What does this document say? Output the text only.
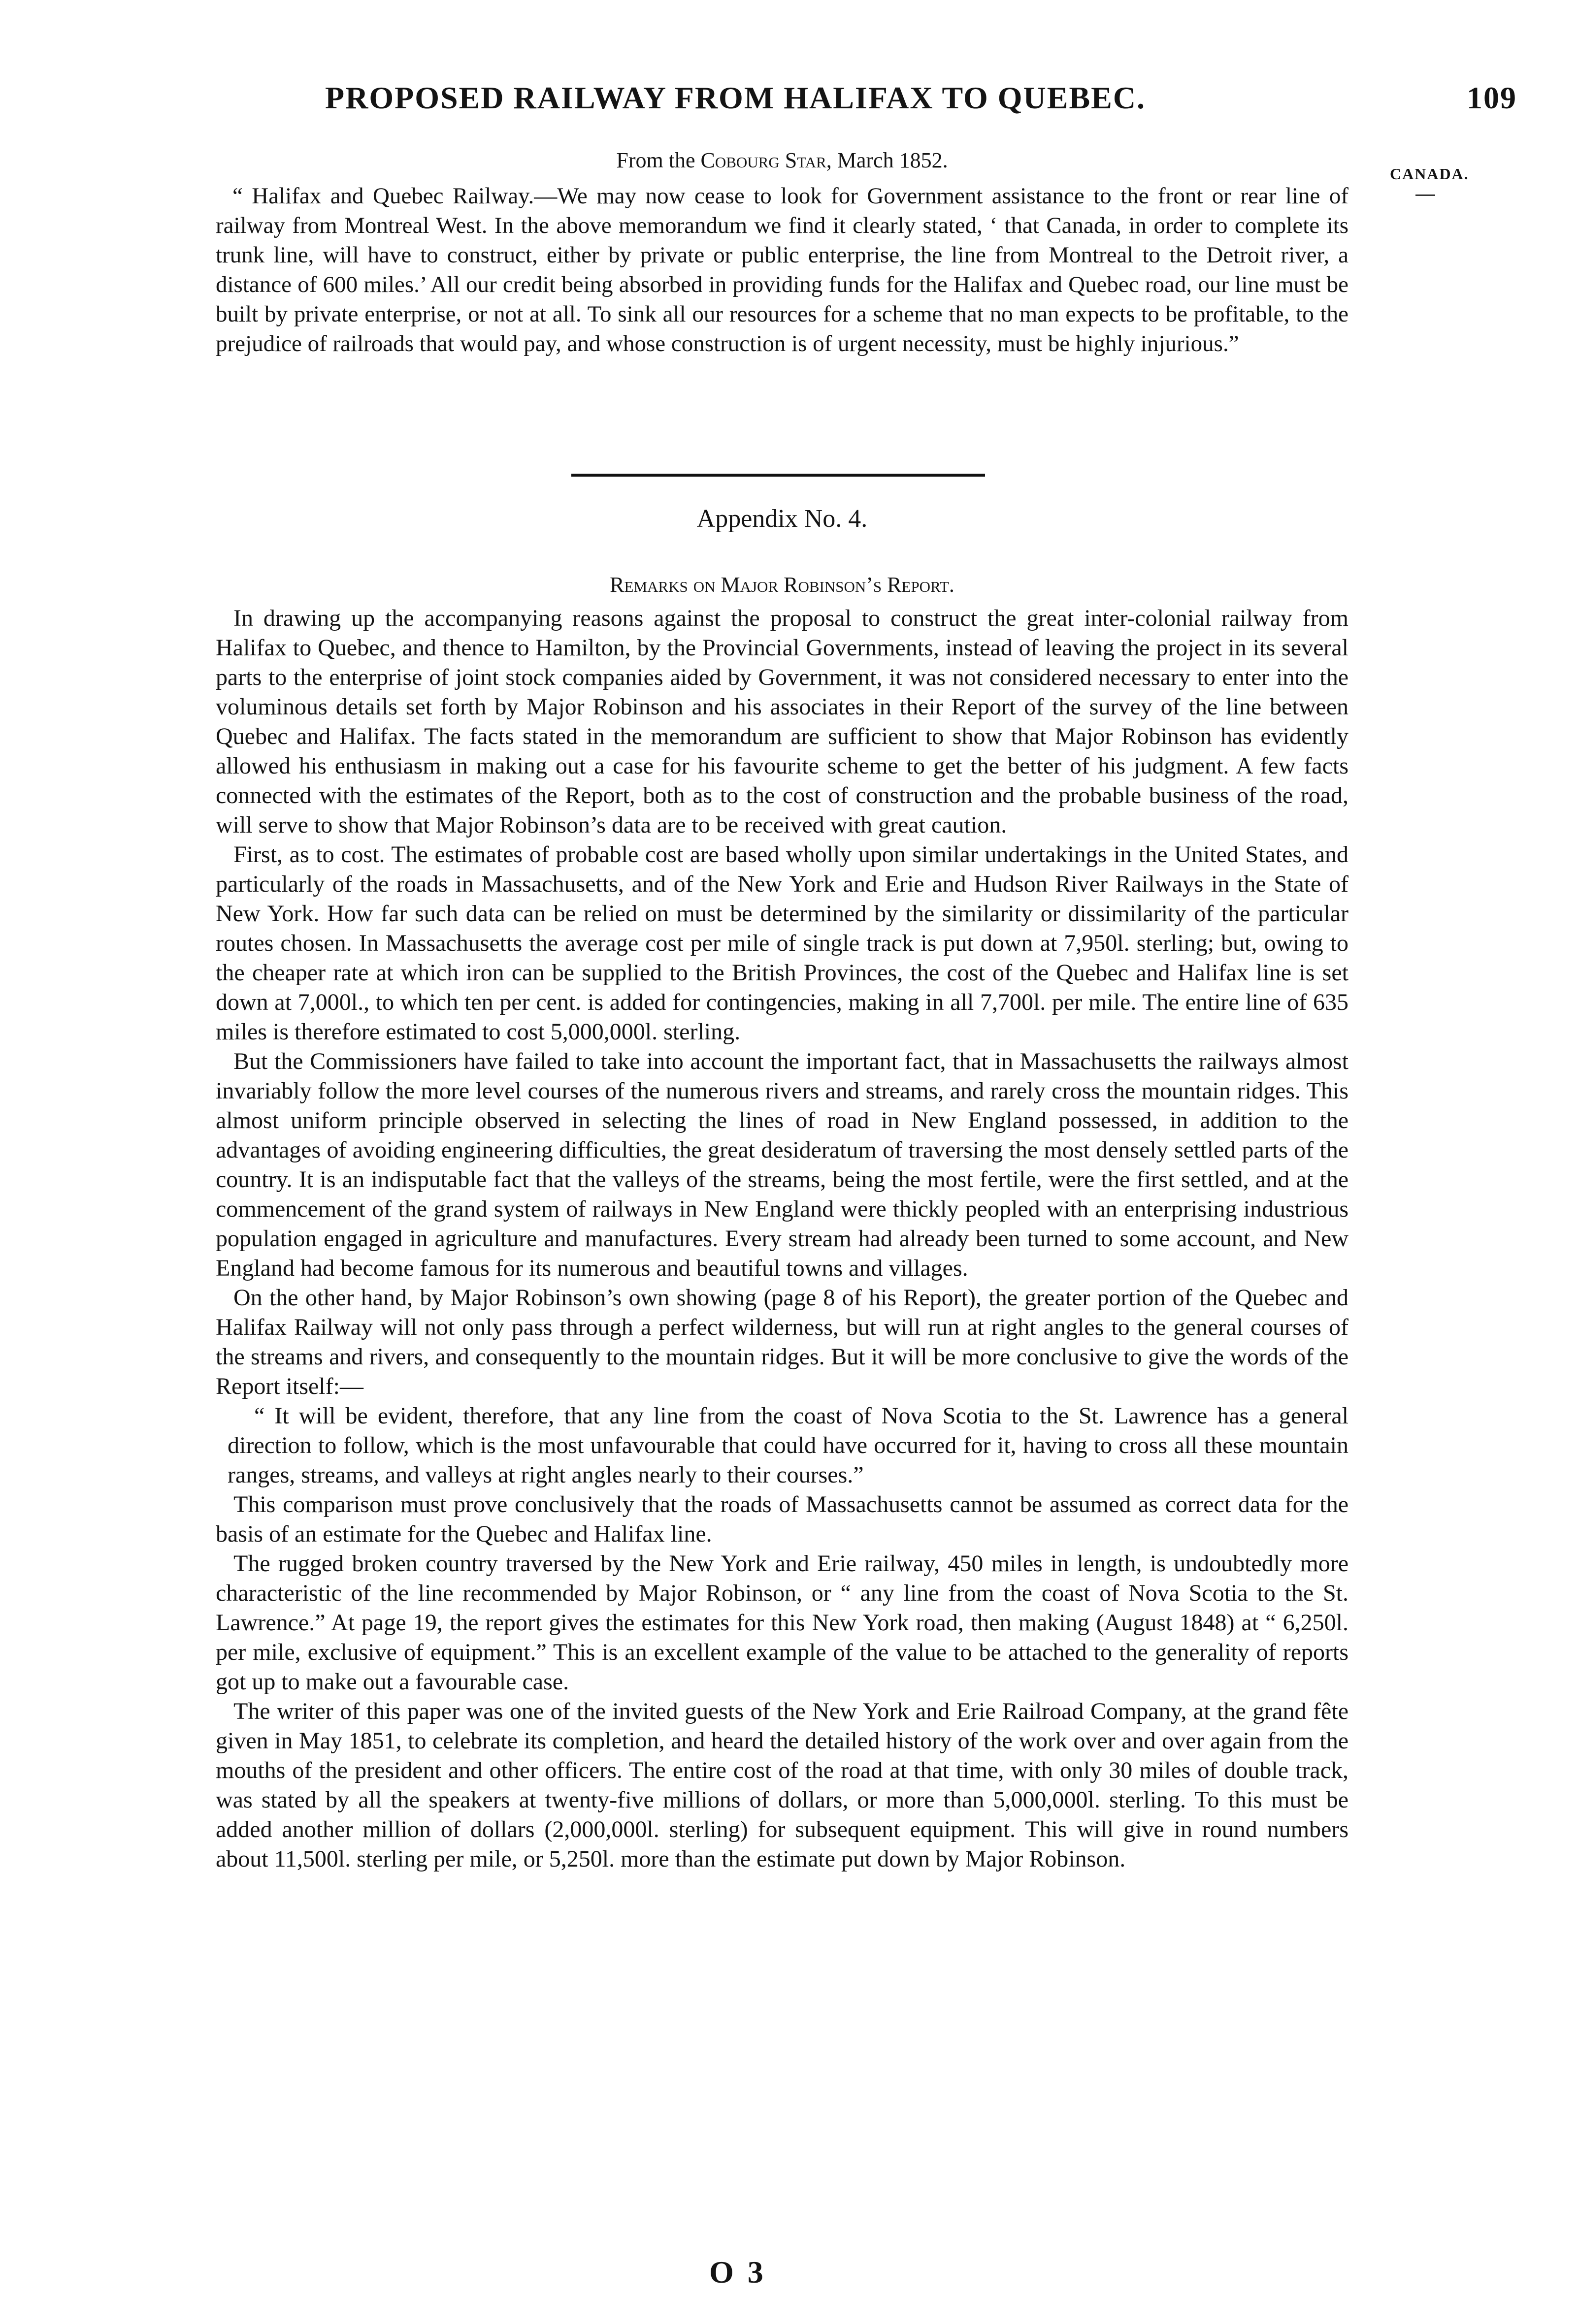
PROPOSED RAILWAY FROM HALIFAX TO QUEBEC.	109
CANADA.
From the Cobourg Star, March 1852.

“ Halifax and Quebec Railway.—We may now cease to look for Government assistance to the front or rear line of railway from Montreal West. In the above memorandum we find it clearly stated, ‘ that Canada, in order to complete its trunk line, will have to construct, either by private or public enterprise, the line from Montreal to the Detroit river, a distance of 600 miles.’ All our credit being absorbed in providing funds for the Halifax and Quebec road, our line must be built by private enterprise, or not at all. To sink all our resources for a scheme that no man expects to be profitable, to the prejudice of railroads that would pay, and whose construction is of urgent necessity, must be highly injurious.”

Appendix No. 4.
Remarks on Major Robinson’s Report.

In drawing up the accompanying reasons against the proposal to construct the great inter-colonial railway from Halifax to Quebec, and thence to Hamilton, by the Provincial Governments, instead of leaving the project in its several parts to the enterprise of joint stock companies aided by Government, it was not considered necessary to enter into the voluminous details set forth by Major Robinson and his associates in their Report of the survey of the line between Quebec and Halifax. The facts stated in the memorandum are sufficient to show that Major Robinson has evidently allowed his enthusiasm in making out a case for his favourite scheme to get the better of his judgment. A few facts connected with the estimates of the Report, both as to the cost of construction and the probable business of the road, will serve to show that Major Robinson’s data are to be received with great caution.

First, as to cost. The estimates of probable cost are based wholly upon similar undertakings in the United States, and particularly of the roads in Massachusetts, and of the New York and Erie and Hudson River Railways in the State of New York. How far such data can be relied on must be determined by the similarity or dissimilarity of the particular routes chosen. In Massachusetts the average cost per mile of single track is put down at 7,950l. sterling; but, owing to the cheaper rate at which iron can be supplied to the British Provinces, the cost of the Quebec and Halifax line is set down at 7,000l., to which ten per cent. is added for contingencies, making in all 7,700l. per mile. The entire line of 635 miles is therefore estimated to cost 5,000,000l. sterling.

But the Commissioners have failed to take into account the important fact, that in Massachusetts the railways almost invariably follow the more level courses of the numerous rivers and streams, and rarely cross the mountain ridges. This almost uniform principle observed in selecting the lines of road in New England possessed, in addition to the advantages of avoiding engineering difficulties, the great desideratum of traversing the most densely settled parts of the country. It is an indisputable fact that the valleys of the streams, being the most fertile, were the first settled, and at the commencement of the grand system of railways in New England were thickly peopled with an enterprising industrious population engaged in agriculture and manufactures. Every stream had already been turned to some account, and New England had become famous for its numerous and beautiful towns and villages.

On the other hand, by Major Robinson’s own showing (page 8 of his Report), the greater portion of the Quebec and Halifax Railway will not only pass through a perfect wilderness, but will run at right angles to the general courses of the streams and rivers, and consequently to the mountain ridges. But it will be more conclusive to give the words of the Report itself:—

“ It will be evident, therefore, that any line from the coast of Nova Scotia to the St. Lawrence has a general direction to follow, which is the most unfavourable that could have occurred for it, having to cross all these mountain ranges, streams, and valleys at right angles nearly to their courses.”

This comparison must prove conclusively that the roads of Massachusetts cannot be assumed as correct data for the basis of an estimate for the Quebec and Halifax line.

The rugged broken country traversed by the New York and Erie railway, 450 miles in length, is undoubtedly more characteristic of the line recommended by Major Robinson, or “ any line from the coast of Nova Scotia to the St. Lawrence.” At page 19, the report gives the estimates for this New York road, then making (August 1848) at “ 6,250l. per mile, exclusive of equipment.” This is an excellent example of the value to be attached to the generality of reports got up to make out a favourable case.

The writer of this paper was one of the invited guests of the New York and Erie Railroad Company, at the grand fête given in May 1851, to celebrate its completion, and heard the detailed history of the work over and over again from the mouths of the president and other officers. The entire cost of the road at that time, with only 30 miles of double track, was stated by all the speakers at twenty-five millions of dollars, or more than 5,000,000l. sterling. To this must be added another million of dollars (2,000,000l. sterling) for subsequent equipment. This will give in round numbers about 11,500l. sterling per mile, or 5,250l. more than the estimate put down by Major Robinson.

O 3
